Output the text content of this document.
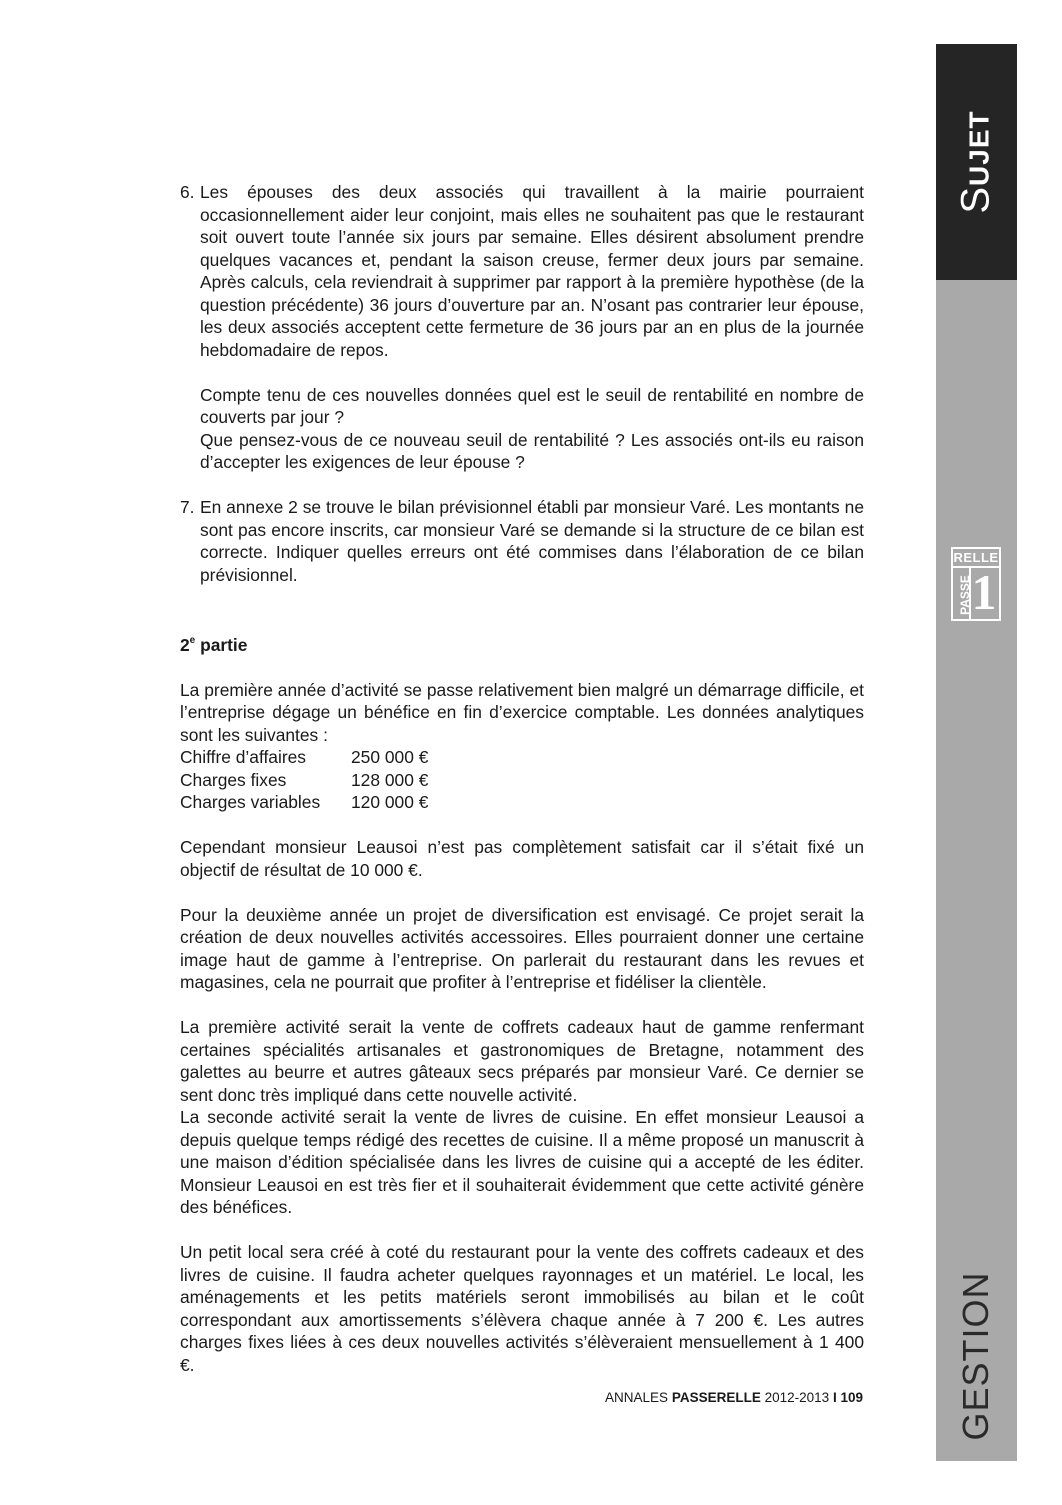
6. Les épouses des deux associés qui travaillent à la mairie pourraient occasionnellement aider leur conjoint, mais elles ne souhaitent pas que le restaurant soit ouvert toute l’année six jours par semaine. Elles désirent absolument prendre quelques vacances et, pendant la saison creuse, fermer deux jours par semaine. Après calculs, cela reviendrait à supprimer par rapport à la première hypothèse (de la question précédente) 36 jours d’ouverture par an. N’osant pas contrarier leur épouse, les deux associés acceptent cette fermeture de 36 jours par an en plus de la journée hebdomadaire de repos.

Compte tenu de ces nouvelles données quel est le seuil de rentabilité en nombre de couverts par jour ?

Que pensez-vous de ce nouveau seuil de rentabilité ? Les associés ont-ils eu raison d’accepter les exigences de leur épouse ?

7. En annexe 2 se trouve le bilan prévisionnel établi par monsieur Varé. Les montants ne sont pas encore inscrits, car monsieur Varé se demande si la structure de ce bilan est correcte. Indiquer quelles erreurs ont été commises dans l’élaboration de ce bilan prévisionnel.

2e partie

La première année d’activité se passe relativement bien malgré un démarrage difficile, et l’entreprise dégage un bénéfice en fin d’exercice comptable. Les données analytiques sont les suivantes :

Chiffre d’affaires	250 000 €
Charges fixes	128 000 €
Charges variables	120 000 €

Cependant monsieur Leausoi n’est pas complètement satisfait car il s’était fixé un objectif de résultat de 10 000 €.

Pour la deuxième année un projet de diversification est envisagé. Ce projet serait la création de deux nouvelles activités accessoires. Elles pourraient donner une certaine image haut de gamme à l’entreprise. On parlerait du restaurant dans les revues et magasines, cela ne pourrait que profiter à l’entreprise et fidéliser la clientèle.

La première activité serait la vente de coffrets cadeaux haut de gamme renfermant certaines spécialités artisanales et gastronomiques de Bretagne, notamment des galettes au beurre et autres gâteaux secs préparés par monsieur Varé. Ce dernier se sent donc très impliqué dans cette nouvelle activité.

La seconde activité serait la vente de livres de cuisine. En effet monsieur Leausoi a depuis quelque temps rédigé des recettes de cuisine. Il a même proposé un manuscrit à une maison d’édition spécialisée dans les livres de cuisine qui a accepté de les éditer. Monsieur Leausoi en est très fier et il souhaiterait évidemment que cette activité génère des bénéfices.

Un petit local sera créé à coté du restaurant pour la vente des coffrets cadeaux et des livres de cuisine. Il faudra acheter quelques rayonnages et un matériel. Le local, les aménagements et les petits matériels seront immobilisés au bilan et le coût correspondant aux amortissements s’élèvera chaque année à 7 200 €. Les autres charges fixes liées à ces deux nouvelles activités s’élèveraient mensuellement à 1 400 €.

SUJET
RELLE
PASSE 1
GESTION
ANNALES PASSERELLE 2012-2013 I 109
